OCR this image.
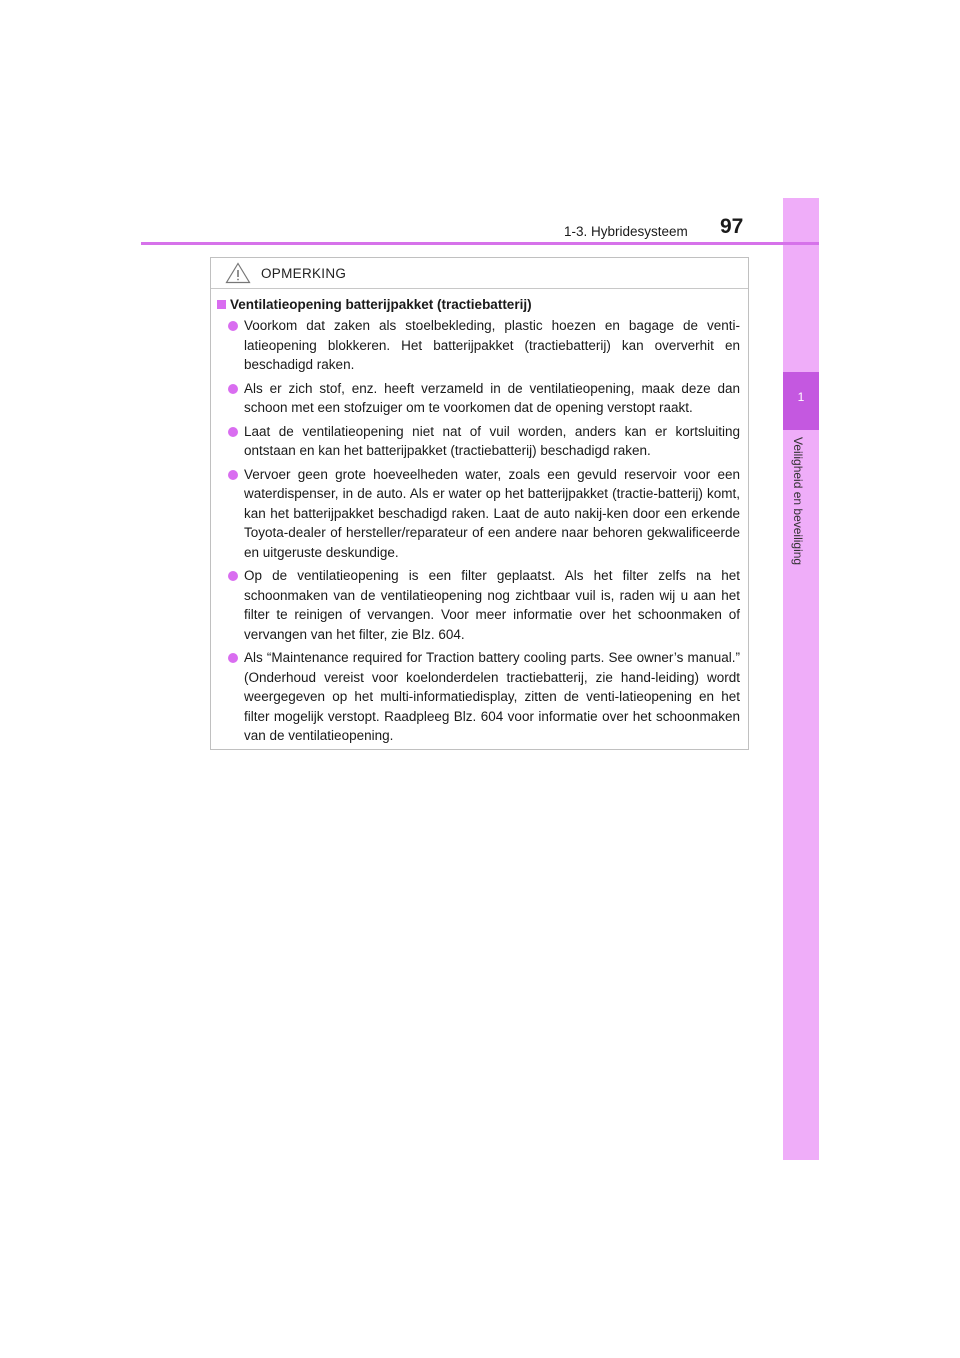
1
Veiligheid en beveiliging
1-3. Hybridesysteem 97
OPMERKING
Ventilatieopening batterijpakket (tractiebatterij)
Voorkom dat zaken als stoelbekleding, plastic hoezen en bagage de venti-latieopening blokkeren. Het batterijpakket (tractiebatterij) kan oververhit en beschadigd raken.
Als er zich stof, enz. heeft verzameld in de ventilatieopening, maak deze dan schoon met een stofzuiger om te voorkomen dat de opening verstopt raakt.
Laat de ventilatieopening niet nat of vuil worden, anders kan er kortsluiting ontstaan en kan het batterijpakket (tractiebatterij) beschadigd raken.
Vervoer geen grote hoeveelheden water, zoals een gevuld reservoir voor een waterdispenser, in de auto. Als er water op het batterijpakket (tractie-batterij) komt, kan het batterijpakket beschadigd raken. Laat de auto nakij-ken door een erkende Toyota-dealer of hersteller/reparateur of een andere naar behoren gekwalificeerde en uitgeruste deskundige.
Op de ventilatieopening is een filter geplaatst. Als het filter zelfs na het schoonmaken van de ventilatieopening nog zichtbaar vuil is, raden wij u aan het filter te reinigen of vervangen. Voor meer informatie over het schoonmaken of vervangen van het filter, zie Blz. 604.
Als “Maintenance required for Traction battery cooling parts. See owner’s manual.” (Onderhoud vereist voor koelonderdelen tractiebatterij, zie hand-leiding) wordt weergegeven op het multi-informatiedisplay, zitten de venti-latieopening en het filter mogelijk verstopt. Raadpleeg Blz. 604 voor informatie over het schoonmaken van de ventilatieopening.
